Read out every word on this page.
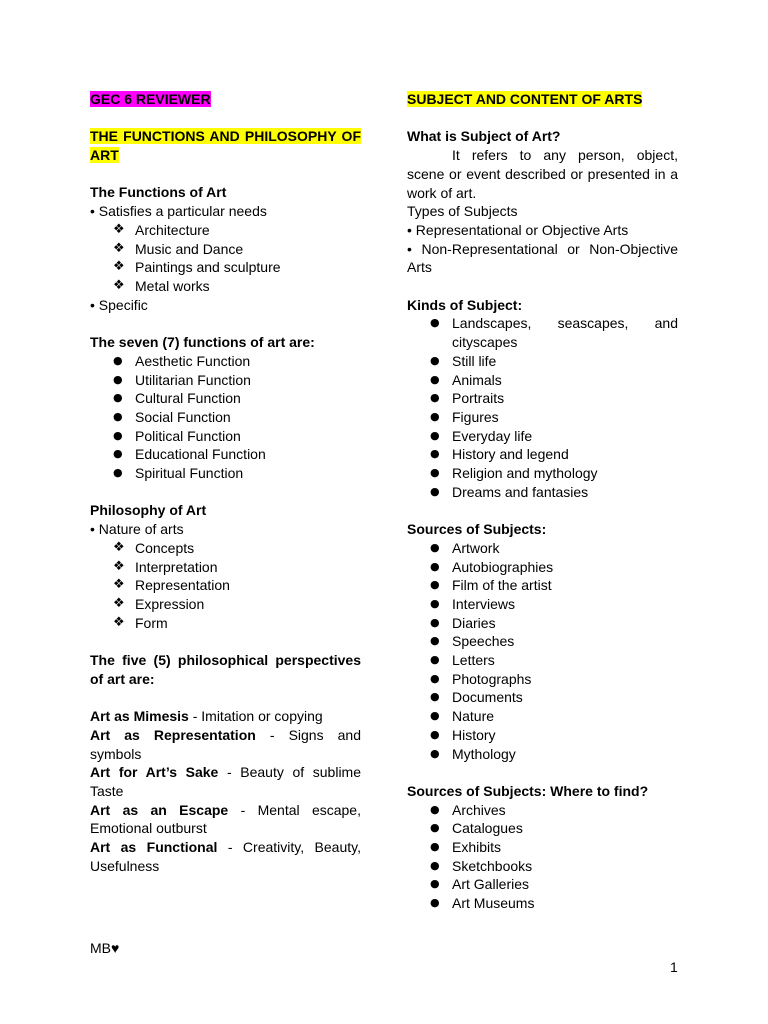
GEC 6 REVIEWER
THE FUNCTIONS AND PHILOSOPHY OF ART
The Functions of Art
• Satisfies a particular needs
❖ Architecture
❖ Music and Dance
❖ Paintings and sculpture
❖ Metal works
• Specific
The seven (7) functions of art are:
● Aesthetic Function
● Utilitarian Function
● Cultural Function
● Social Function
● Political Function
● Educational Function
● Spiritual Function
Philosophy of Art
• Nature of arts
❖ Concepts
❖ Interpretation
❖ Representation
❖ Expression
❖ Form
The five (5) philosophical perspectives of art are:
Art as Mimesis - Imitation or copying
Art as Representation - Signs and symbols
Art for Art’s Sake - Beauty of sublime Taste
Art as an Escape - Mental escape, Emotional outburst
Art as Functional - Creativity, Beauty, Usefulness
SUBJECT AND CONTENT OF ARTS
What is Subject of Art?
It refers to any person, object, scene or event described or presented in a work of art.
Types of Subjects
• Representational or Objective Arts
• Non-Representational or Non-Objective Arts
Kinds of Subject:
● Landscapes, seascapes, and cityscapes
● Still life
● Animals
● Portraits
● Figures
● Everyday life
● History and legend
● Religion and mythology
● Dreams and fantasies
Sources of Subjects:
● Artwork
● Autobiographies
● Film of the artist
● Interviews
● Diaries
● Speeches
● Letters
● Photographs
● Documents
● Nature
● History
● Mythology
Sources of Subjects: Where to find?
● Archives
● Catalogues
● Exhibits
● Sketchbooks
● Art Galleries
● Art Museums
MB♥
1
